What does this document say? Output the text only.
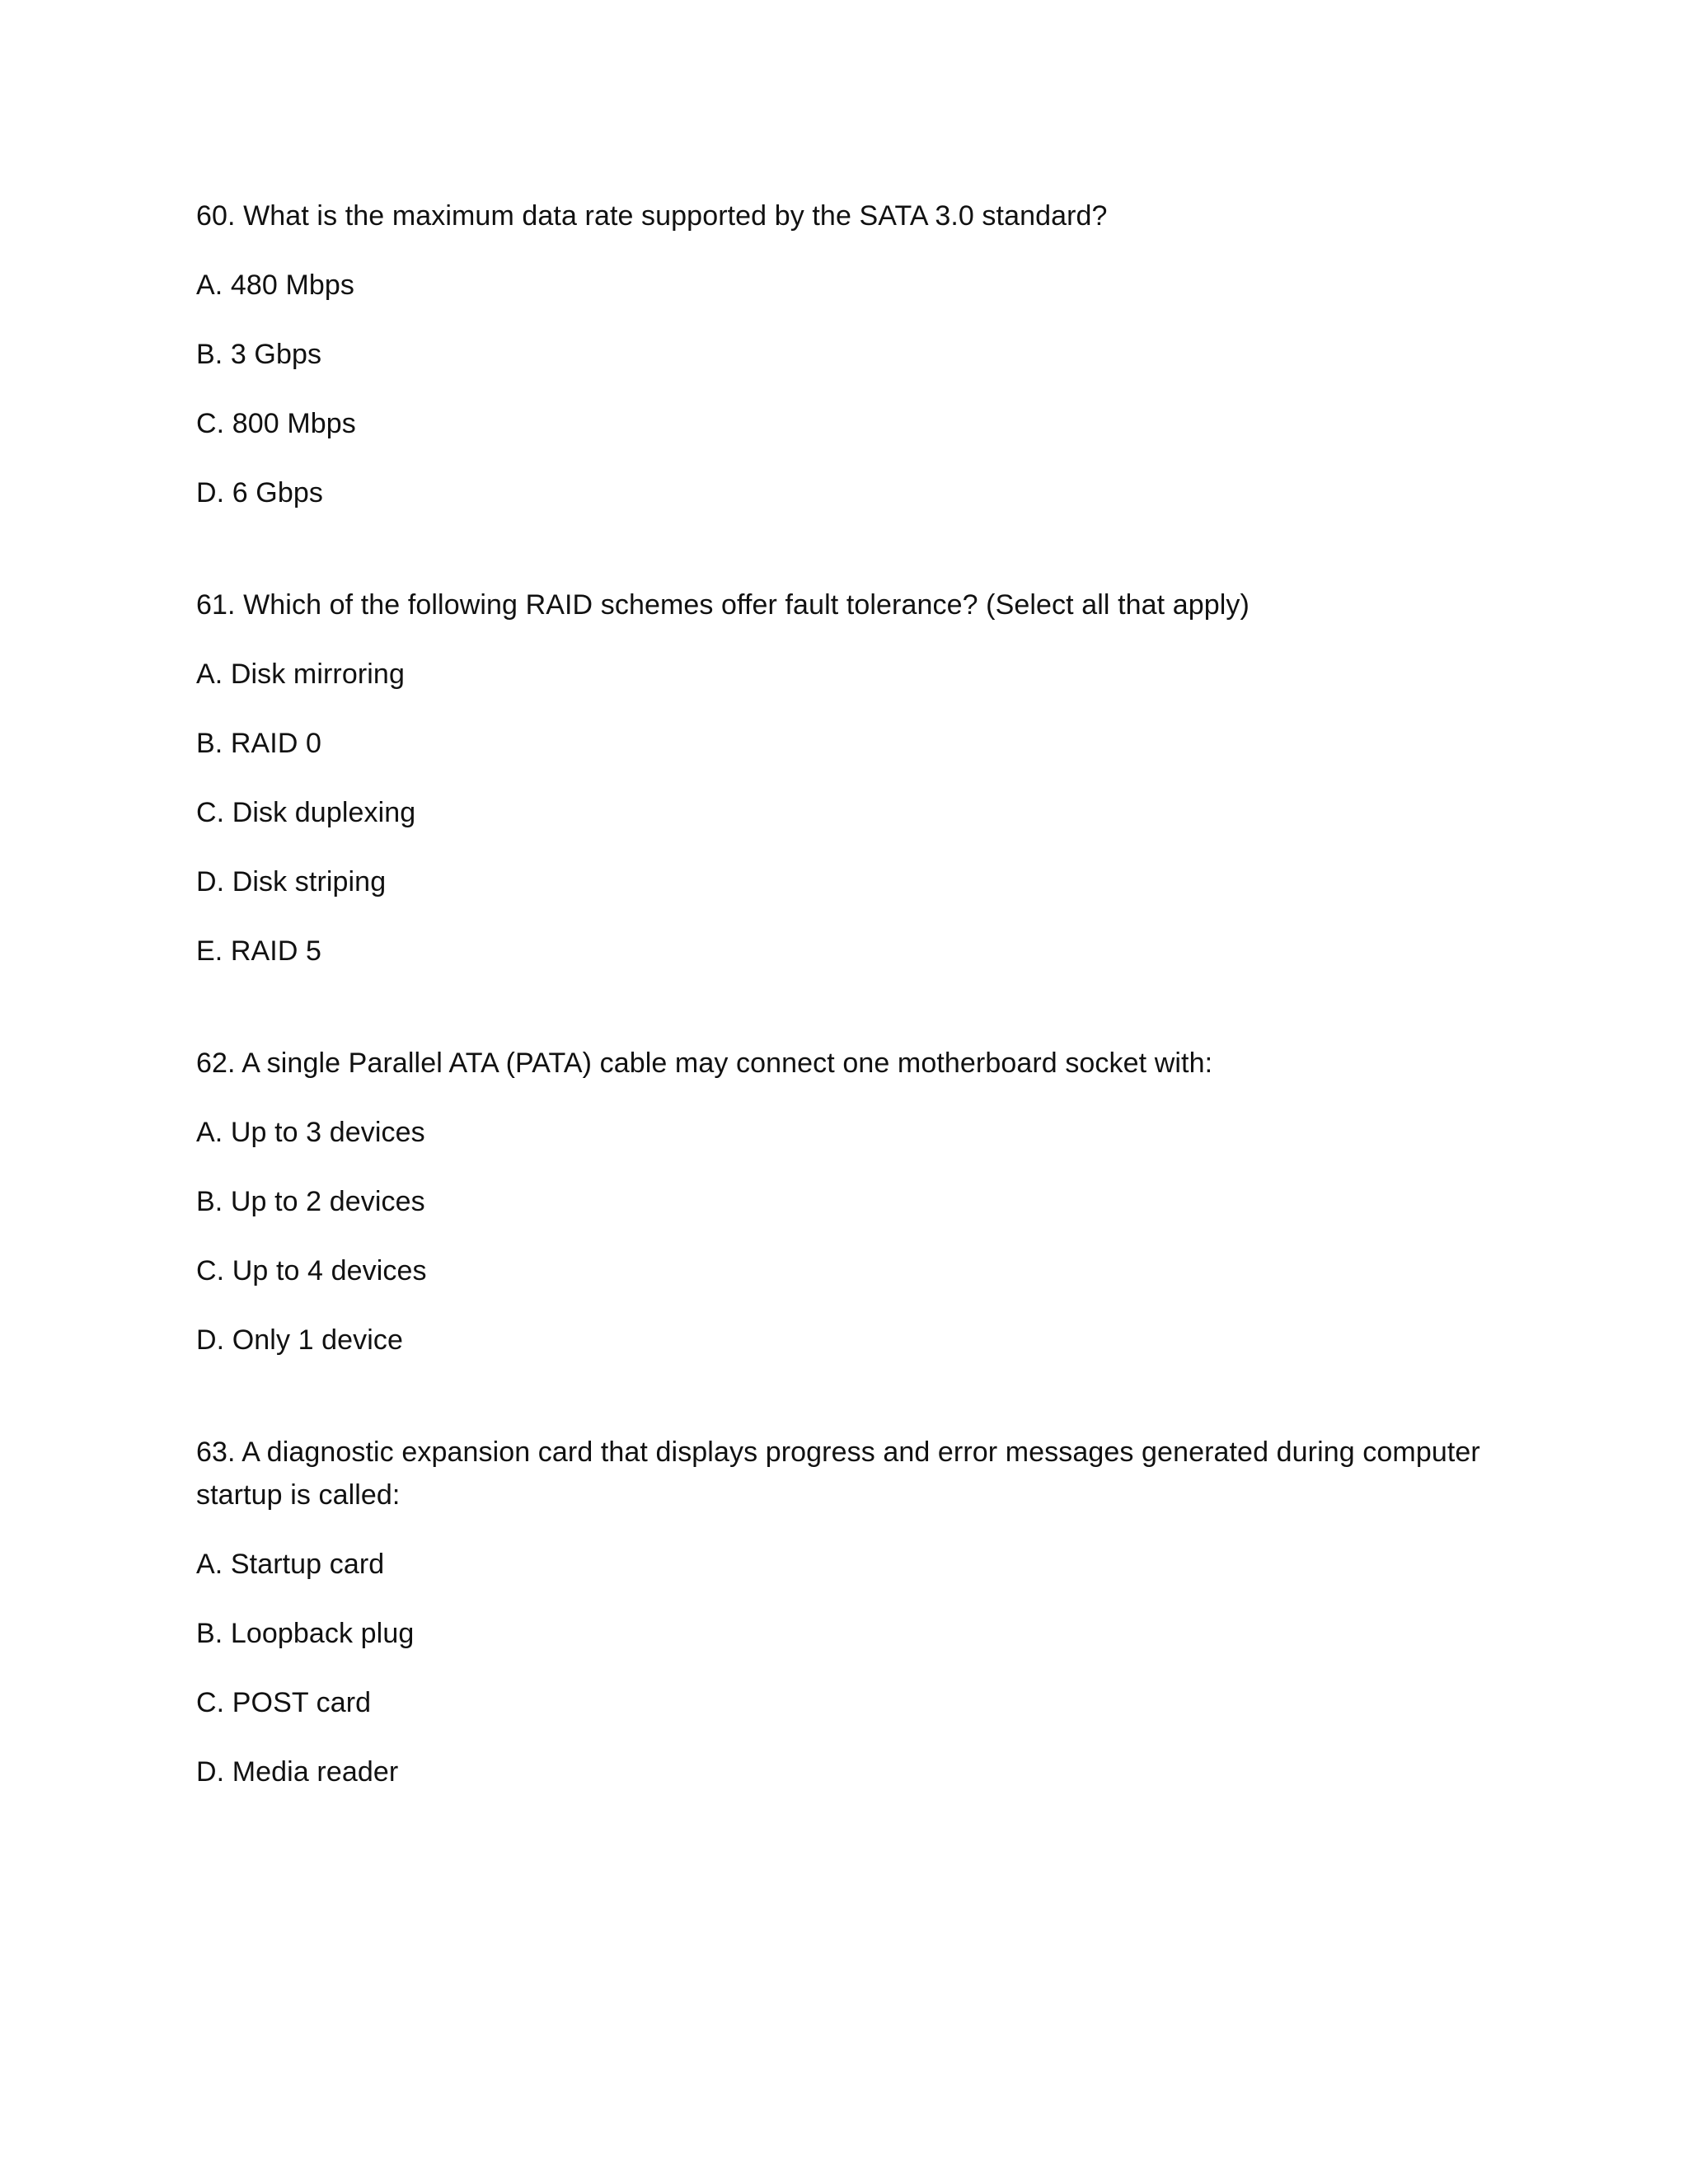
60. What is the maximum data rate supported by the SATA 3.0 standard?

A. 480 Mbps

B. 3 Gbps

C. 800 Mbps

D. 6 Gbps

61. Which of the following RAID schemes offer fault tolerance? (Select all that apply)

A. Disk mirroring

B. RAID 0

C. Disk duplexing

D. Disk striping

E. RAID 5

62. A single Parallel ATA (PATA) cable may connect one motherboard socket with:

A. Up to 3 devices

B. Up to 2 devices

C. Up to 4 devices

D. Only 1 device

63. A diagnostic expansion card that displays progress and error messages generated during computer startup is called:

A. Startup card

B. Loopback plug

C. POST card

D. Media reader
